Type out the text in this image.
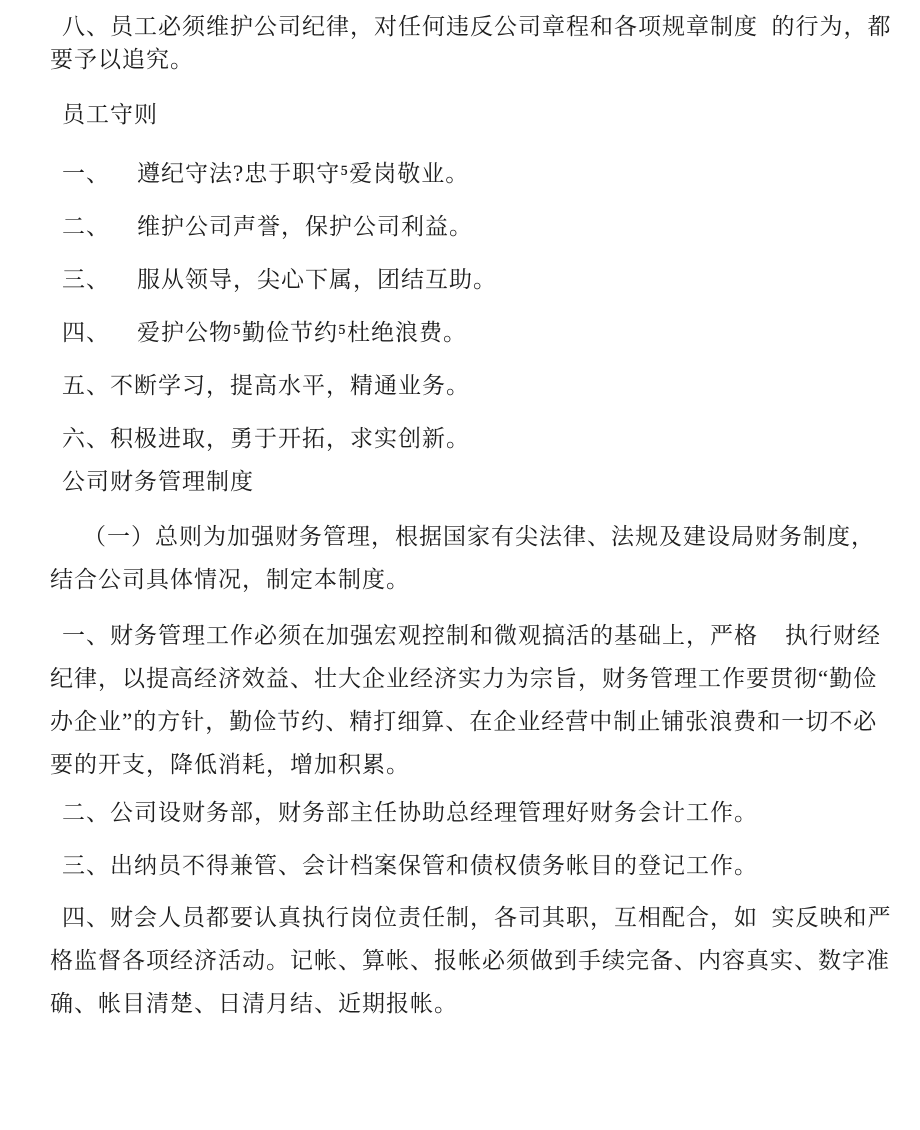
八、员工必须维护公司纪律，对任何违反公司章程和各项规章制度  的行为，都要予以追究。

员工守则

一、    遵纪守法?忠于职守⁵爱岗敬业。

二、    维护公司声誉，保护公司利益。

三、    服从领导，尖心下属，团结互助。

四、    爱护公物⁵勤俭节约⁵杜绝浪费。

五、不断学习，提高水平，精通业务。

六、积极进取，勇于开拓，求实创新。

公司财务管理制度

（一）总则为加强财务管理，根据国家有尖法律、法规及建设局财务制度，结合公司具体情况，制定本制度。

一、财务管理工作必须在加强宏观控制和微观搞活的基础上，严格    执行财经纪律，以提高经济效益、壮大企业经济实力为宗旨，财务管理工作要贯彻“勤俭办企业”的方针，勤俭节约、精打细算、在企业经营中制止铺张浪费和一切不必要的开支，降低消耗，增加积累。

二、公司设财务部，财务部主任协助总经理管理好财务会计工作。

三、出纳员不得兼管、会计档案保管和债权债务帐目的登记工作。

四、财会人员都要认真执行岗位责任制，各司其职，互相配合，如  实反映和严格监督各项经济活动。记帐、算帐、报帐必须做到手续完备、内容真实、数字准确、帐目清楚、日清月结、近期报帐。
